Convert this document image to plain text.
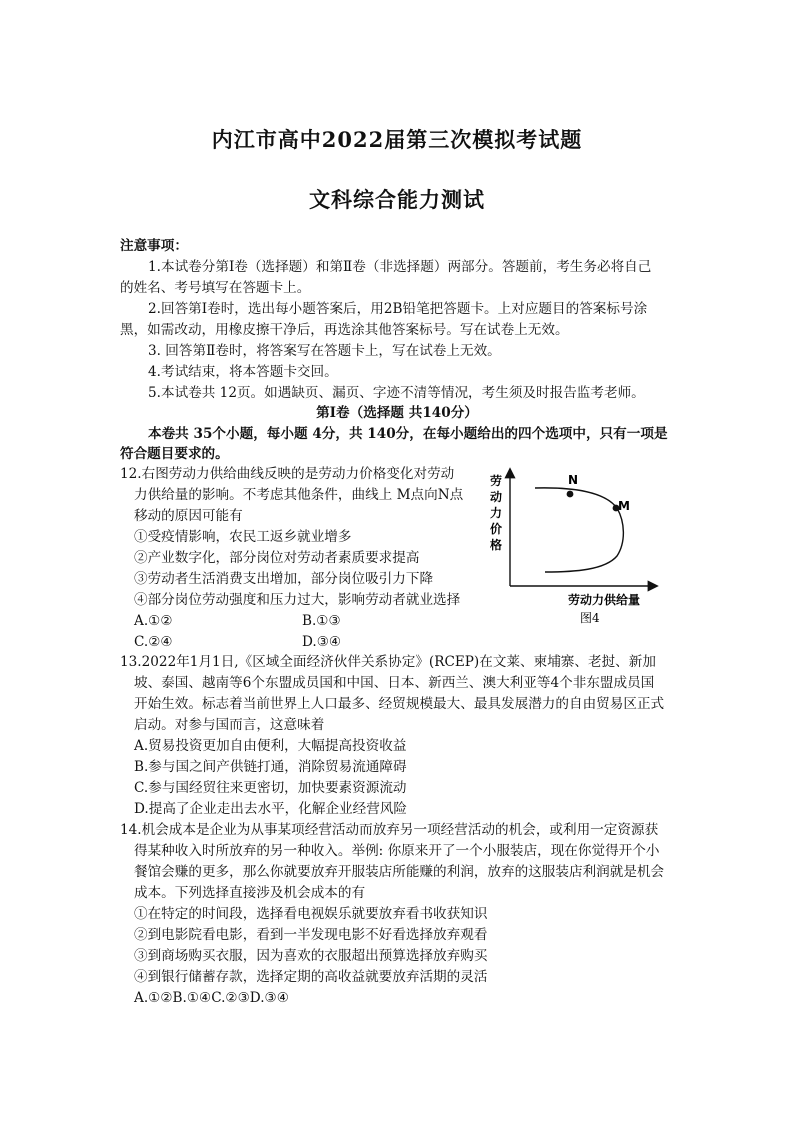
内江市高中2022届第三次模拟考试题
文科综合能力测试
注意事项：
1.本试卷分第Ⅰ卷（选择题）和第Ⅱ卷（非选择题）两部分。答题前，考生务必将自己
的姓名、考号填写在答题卡上。
2.回答第Ⅰ卷时，选出每小题答案后，用2B铅笔把答题卡。上对应题目的答案标号涂
黑，如需改动，用橡皮擦干净后，再选涂其他答案标号。写在试卷上无效。
3. 回答第Ⅱ卷时，将答案写在答题卡上，写在试卷上无效。
4.考试结束，将本答题卡交回。
5.本试卷共 12页。如遇缺页、漏页、字迹不清等情况，考生须及时报告监考老师。
第Ⅰ卷（选择题 共140分）
本卷共 35个小题，每小题 4分，共 140分，在每小题给出的四个选项中，只有一项是
符合题目要求的。
12.右图劳动力供给曲线反映的是劳动力价格变化对劳动
力供给量的影响。不考虑其他条件，曲线上 M点向N点
移动的原因可能有
①受疫情影响，农民工返乡就业增多
②产业数字化，部分岗位对劳动者素质要求提高
③劳动者生活消费支出增加，部分岗位吸引力下降
④部分岗位劳动强度和压力过大，影响劳动者就业选择
A.①②	B.①③
C.②④	D.③④
N
M
劳
动
力
价
格
劳动力供给量
图4
13.2022年1月1日,《区域全面经济伙伴关系协定》(RCEP)在文莱、柬埔寨、老挝、新加
坡、泰国、越南等6个东盟成员国和中国、日本、新西兰、澳大利亚等4个非东盟成员国
开始生效。标志着当前世界上人口最多、经贸规模最大、最具发展潜力的自由贸易区正式
启动。对参与国而言，这意味着
A.贸易投资更加自由便利，大幅提高投资收益
B.参与国之间产供链打通，消除贸易流通障碍
C.参与国经贸往来更密切，加快要素资源流动
D.提高了企业走出去水平，化解企业经营风险
14.机会成本是企业为从事某项经营活动而放弃另一项经营活动的机会，或利用一定资源获
得某种收入时所放弃的另一种收入。举例: 你原来开了一个小服装店，现在你觉得开个小
餐馆会赚的更多，那么你就要放弃开服装店所能赚的利润，放弃的这服装店利润就是机会
成本。下列选择直接涉及机会成本的有
①在特定的时间段，选择看电视娱乐就要放弃看书收获知识
②到电影院看电影，看到一半发现电影不好看选择放弃观看
③到商场购买衣服，因为喜欢的衣服超出预算选择放弃购买
④到银行储蓄存款，选择定期的高收益就要放弃活期的灵活
A.①②B.①④C.②③D.③④
